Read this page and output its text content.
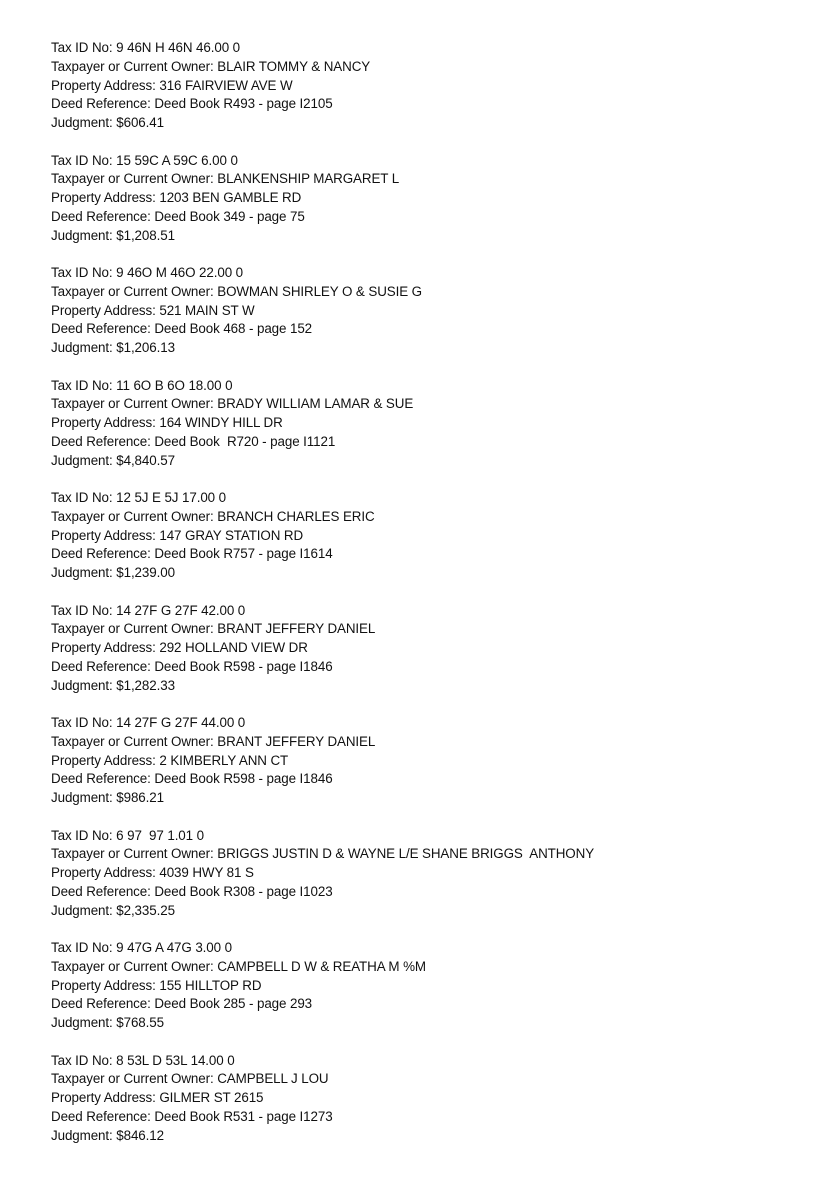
Tax ID No: 9 46N H 46N 46.00 0
Taxpayer or Current Owner: BLAIR TOMMY & NANCY
Property Address: 316 FAIRVIEW AVE W
Deed Reference: Deed Book R493 - page I2105
Judgment: $606.41
Tax ID No: 15 59C A 59C 6.00 0
Taxpayer or Current Owner: BLANKENSHIP MARGARET L
Property Address: 1203 BEN GAMBLE RD
Deed Reference: Deed Book 349 - page 75
Judgment: $1,208.51
Tax ID No: 9 46O M 46O 22.00 0
Taxpayer or Current Owner: BOWMAN SHIRLEY O & SUSIE G
Property Address: 521 MAIN ST W
Deed Reference: Deed Book 468 - page 152
Judgment: $1,206.13
Tax ID No: 11 6O B 6O 18.00 0
Taxpayer or Current Owner: BRADY WILLIAM LAMAR & SUE
Property Address: 164 WINDY HILL DR
Deed Reference: Deed Book  R720 - page I1121
Judgment: $4,840.57
Tax ID No: 12 5J E 5J 17.00 0
Taxpayer or Current Owner: BRANCH CHARLES ERIC
Property Address: 147 GRAY STATION RD
Deed Reference: Deed Book R757 - page I1614
Judgment: $1,239.00
Tax ID No: 14 27F G 27F 42.00 0
Taxpayer or Current Owner: BRANT JEFFERY DANIEL
Property Address: 292 HOLLAND VIEW DR
Deed Reference: Deed Book R598 - page I1846
Judgment: $1,282.33
Tax ID No: 14 27F G 27F 44.00 0
Taxpayer or Current Owner: BRANT JEFFERY DANIEL
Property Address: 2 KIMBERLY ANN CT
Deed Reference: Deed Book R598 - page I1846
Judgment: $986.21
Tax ID No: 6 97  97 1.01 0
Taxpayer or Current Owner: BRIGGS JUSTIN D & WAYNE L/E SHANE BRIGGS  ANTHONY
Property Address: 4039 HWY 81 S
Deed Reference: Deed Book R308 - page I1023
Judgment: $2,335.25
Tax ID No: 9 47G A 47G 3.00 0
Taxpayer or Current Owner: CAMPBELL D W & REATHA M %M
Property Address: 155 HILLTOP RD
Deed Reference: Deed Book 285 - page 293
Judgment: $768.55
Tax ID No: 8 53L D 53L 14.00 0
Taxpayer or Current Owner: CAMPBELL J LOU
Property Address: GILMER ST 2615
Deed Reference: Deed Book R531 - page I1273
Judgment: $846.12
